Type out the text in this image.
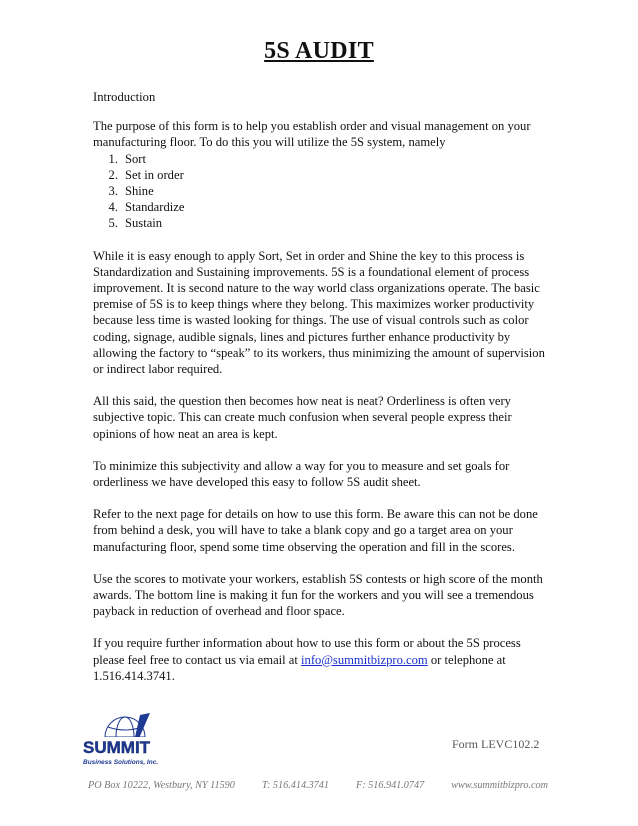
5S AUDIT
Introduction
The purpose of this form is to help you establish order and visual management on your manufacturing floor. To do this you will utilize the 5S system, namely
1. Sort
2. Set in order
3. Shine
4. Standardize
5. Sustain
While it is easy enough to apply Sort, Set in order and Shine the key to this process is Standardization and Sustaining improvements. 5S is a foundational element of process improvement. It is second nature to the way world class organizations operate. The basic premise of 5S is to keep things where they belong. This maximizes worker productivity because less time is wasted looking for things. The use of visual controls such as color coding, signage, audible signals, lines and pictures further enhance productivity by allowing the factory to “speak” to its workers, thus minimizing the amount of supervision or indirect labor required.
All this said, the question then becomes how neat is neat? Orderliness is often very subjective topic. This can create much confusion when several people express their opinions of how neat an area is kept.
To minimize this subjectivity and allow a way for you to measure and set goals for orderliness we have developed this easy to follow 5S audit sheet.
Refer to the next page for details on how to use this form. Be aware this can not be done from behind a desk, you will have to take a blank copy and go a target area on your manufacturing floor, spend some time observing the operation and fill in the scores.
Use the scores to motivate your workers, establish 5S contests or high score of the month awards. The bottom line is making it fun for the workers and you will see a tremendous payback in reduction of overhead and floor space.
If you require further information about how to use this form or about the 5S process please feel free to contact us via email at info@summitbizpro.com or telephone at 1.516.414.3741.
SUMMIT
Business Solutions, Inc.
Form LEVC102.2
PO Box 10222, Westbury, NY 11590	T: 516.414.3741	F: 516.941.0747	www.summitbizpro.com
